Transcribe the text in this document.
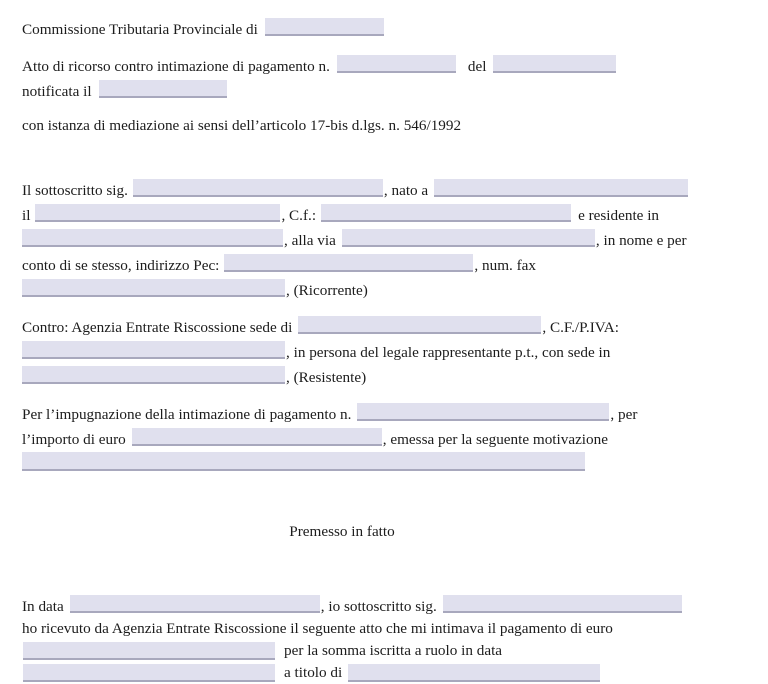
Commissione Tributaria Provinciale di
Atto di ricorso contro intimazione di pagamento n.	del
notificata il
con istanza di mediazione ai sensi dell’articolo 17-bis d.lgs. n. 546/1992
Il sottoscritto sig.	, nato a
il	, C.f.:	e residente in
, alla via	, in nome e per
conto di se stesso, indirizzo Pec:	, num. fax
, (Ricorrente)
Contro: Agenzia Entrate Riscossione sede di	, C.F./P.IVA:
, in persona del legale rappresentante p.t., con sede in
, (Resistente)
Per l’impugnazione della intimazione di pagamento n.	, per
l’importo di euro	, emessa per la seguente motivazione
Premesso in fatto
In data	, io sottoscritto sig.
ho ricevuto da Agenzia Entrate Riscossione il seguente atto che mi intimava il pagamento di euro
per la somma iscritta a ruolo in data
a titolo di
